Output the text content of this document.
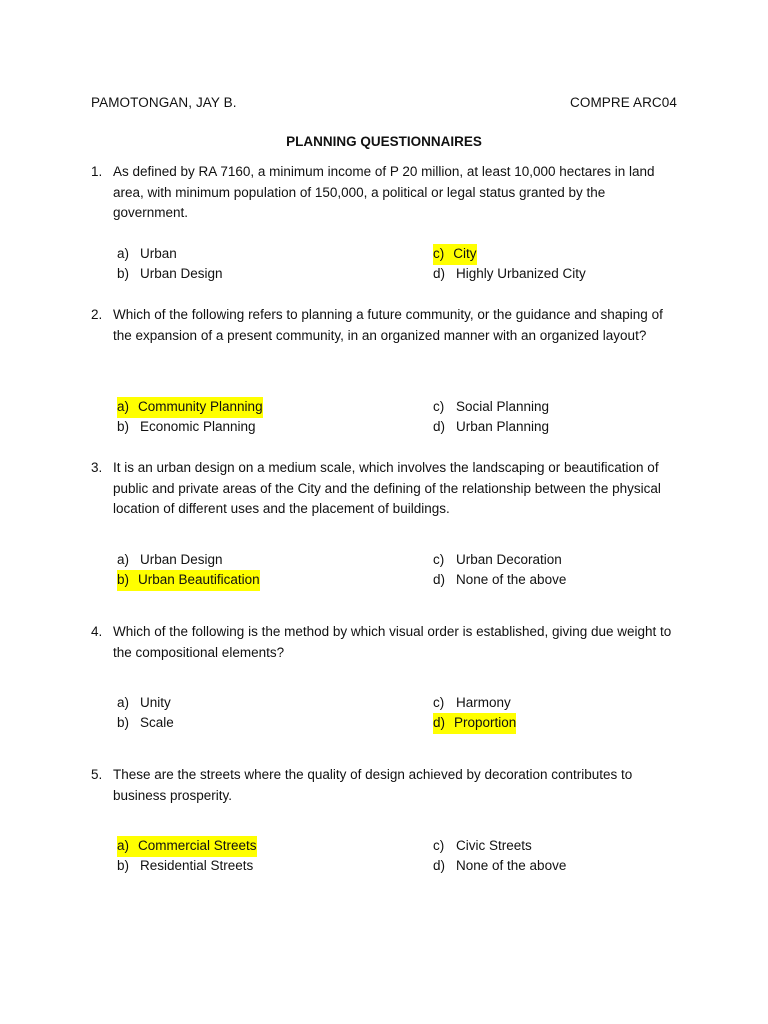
PAMOTONGAN, JAY B.	COMPRE ARC04
PLANNING QUESTIONNAIRES
1. As defined by RA 7160, a minimum income of P 20 million, at least 10,000 hectares in land area, with minimum population of 150,000, a political or legal status granted by the government.
a) Urban
b) Urban Design
c) City
d) Highly Urbanized City
2. Which of the following refers to planning a future community, or the guidance and shaping of the expansion of a present community, in an organized manner with an organized layout?
a) Community Planning
b) Economic Planning
c) Social Planning
d) Urban Planning
3. It is an urban design on a medium scale, which involves the landscaping or beautification of public and private areas of the City and the defining of the relationship between the physical location of different uses and the placement of buildings.
a) Urban Design
b) Urban Beautification
c) Urban Decoration
d) None of the above
4. Which of the following is the method by which visual order is established, giving due weight to the compositional elements?
a) Unity
b) Scale
c) Harmony
d) Proportion
5. These are the streets where the quality of design achieved by decoration contributes to business prosperity.
a) Commercial Streets
b) Residential Streets
c) Civic Streets
d) None of the above
